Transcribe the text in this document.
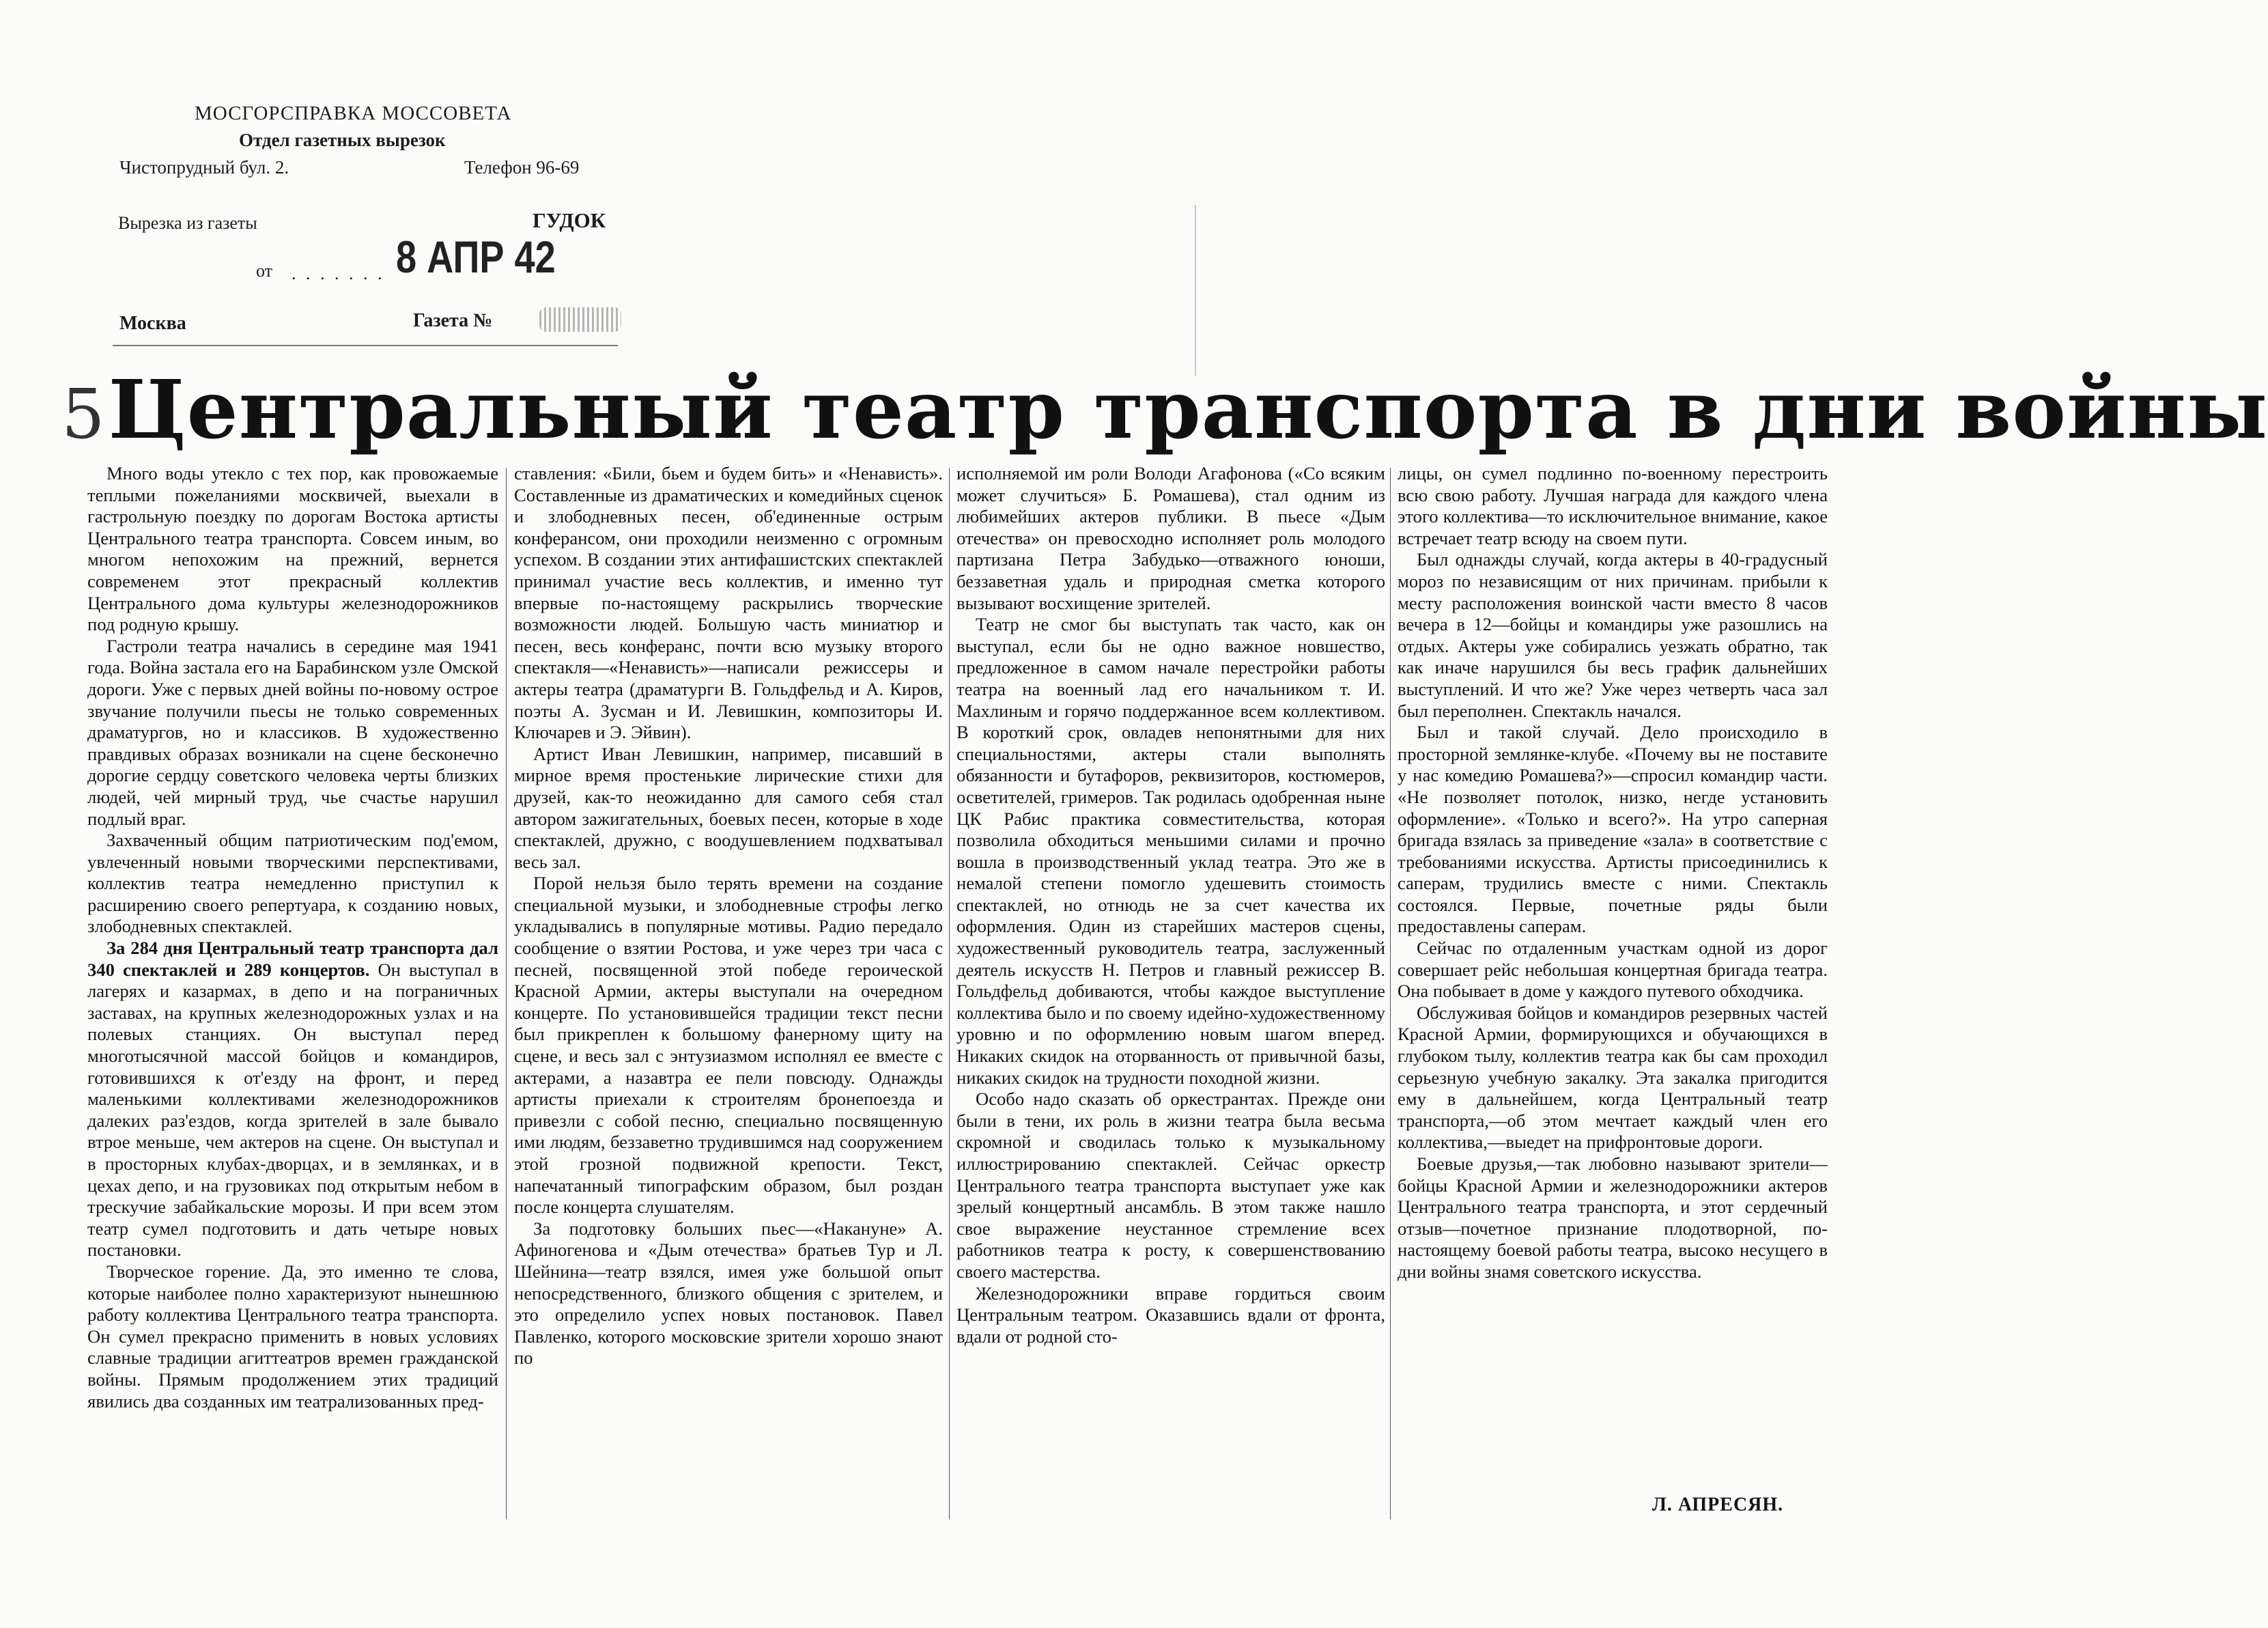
МОСГОРСПРАВКА МОССОВЕТА
Отдел газетных вырезок
Чистопрудный бул. 2.	Телефон 96-69
Вырезка из газеты	ГУДОК
от . . . . . . . 8 АПР 42
Москва	Газета №
5Центральный театр транспорта в дни войны

Много воды утекло с тех пор, как провожаемые теплыми пожеланиями москвичей, выехали в гастрольную поездку по дорогам Востока артисты Центрального театра транспорта. Совсем иным, во многом непохожим на прежний, вернется современем этот прекрасный коллектив Центрального дома культуры железнодорожников под родную крышу.

Гастроли театра начались в середине мая 1941 года. Война застала его на Барабинском узле Омской дороги. Уже с первых дней войны по-новому острое звучание получили пьесы не только современных драматургов, но и классиков. В художественно правдивых образах возникали на сцене бесконечно дорогие сердцу советского человека черты близких людей, чей мирный труд, чье счастье нарушил подлый враг.

Захваченный общим патриотическим под'емом, увлеченный новыми творческими перспективами, коллектив театра немедленно приступил к расширению своего репертуара, к созданию новых, злободневных спектаклей.

За 284 дня Центральный театр транспорта дал 340 спектаклей и 289 концертов. Он выступал в лагерях и казармах, в депо и на пограничных заставах, на крупных железнодорожных узлах и на полевых станциях. Он выступал перед многотысячной массой бойцов и командиров, готовившихся к от'езду на фронт, и перед маленькими коллективами железнодорожников далеких раз'ездов, когда зрителей в зале бывало втрое меньше, чем актеров на сцене. Он выступал и в просторных клубах-дворцах, и в землянках, и в цехах депо, и на грузовиках под открытым небом в трескучие забайкальские морозы. И при всем этом театр сумел подготовить и дать четыре новых постановки.

Творческое горение. Да, это именно те слова, которые наиболее полно характеризуют нынешнюю работу коллектива Центрального театра транспорта. Он сумел прекрасно применить в новых условиях славные традиции агиттеатров времен гражданской войны. Прямым продолжением этих традиций явились два созданных им театрализованных пред-

ставления: «Били, бьем и будем бить» и «Ненависть». Составленные из драматических и комедийных сценок и злободневных песен, об'единенные острым конферансом, они проходили неизменно с огромным успехом. В создании этих антифашистских спектаклей принимал участие весь коллектив, и именно тут впервые по-настоящему раскрылись творческие возможности людей. Большую часть миниатюр и песен, весь конферанс, почти всю музыку второго спектакля—«Ненависть»—написали режиссеры и актеры театра (драматурги В. Гольдфельд и А. Киров, поэты А. Зусман и И. Левишкин, композиторы И. Ключарев и Э. Эйвин).

Артист Иван Левишкин, например, писавший в мирное время простенькие лирические стихи для друзей, как-то неожиданно для самого себя стал автором зажигательных, боевых песен, которые в ходе спектаклей, дружно, с воодушевлением подхватывал весь зал.

Порой нельзя было терять времени на создание специальной музыки, и злободневные строфы легко укладывались в популярные мотивы. Радио передало сообщение о взятии Ростова, и уже через три часа с песней, посвященной этой победе героической Красной Армии, актеры выступали на очередном концерте. По установившейся традиции текст песни был прикреплен к большому фанерному щиту на сцене, и весь зал с энтузиазмом исполнял ее вместе с актерами, а назавтра ее пели повсюду. Однажды артисты приехали к строителям бронепоезда и привезли с собой песню, специально посвященную ими людям, беззаветно трудившимся над сооружением этой грозной подвижной крепости. Текст, напечатанный типографским образом, был роздан после концерта слушателям.

За подготовку больших пьес—«Накануне» А. Афиногенова и «Дым отечества» братьев Тур и Л. Шейнина—театр взялся, имея уже большой опыт непосредственного, близкого общения с зрителем, и это определило успех новых постановок. Павел Павленко, которого московские зрители хорошо знают по

исполняемой им роли Володи Агафонова («Со всяким может случиться» Б. Ромашева), стал одним из любимейших актеров публики. В пьесе «Дым отечества» он превосходно исполняет роль молодого партизана Петра Забудько—отважного юноши, беззаветная удаль и природная сметка которого вызывают восхищение зрителей.

Театр не смог бы выступать так часто, как он выступал, если бы не одно важное новшество, предложенное в самом начале перестройки работы театра на военный лад его начальником т. И. Махлиным и горячо поддержанное всем коллективом. В короткий срок, овладев непонятными для них специальностями, актеры стали выполнять обязанности и бутафоров, реквизиторов, костюмеров, осветителей, гримеров. Так родилась одобренная ныне ЦК Рабис практика совместительства, которая позволила обходиться меньшими силами и прочно вошла в производственный уклад театра. Это же в немалой степени помогло удешевить стоимость спектаклей, но отнюдь не за счет качества их оформления. Один из старейших мастеров сцены, художественный руководитель театра, заслуженный деятель искусств Н. Петров и главный режиссер В. Гольдфельд добиваются, чтобы каждое выступление коллектива было и по своему идейно-художественному уровню и по оформлению новым шагом вперед. Никаких скидок на оторванность от привычной базы, никаких скидок на трудности походной жизни.

Особо надо сказать об оркестрантах. Прежде они были в тени, их роль в жизни театра была весьма скромной и сводилась только к музыкальному иллюстрированию спектаклей. Сейчас оркестр Центрального театра транспорта выступает уже как зрелый концертный ансамбль. В этом также нашло свое выражение неустанное стремление всех работников театра к росту, к совершенствованию своего мастерства.

Железнодорожники вправе гордиться своим Центральным театром. Оказавшись вдали от фронта, вдали от родной сто-

лицы, он сумел подлинно по-военному перестроить всю свою работу. Лучшая награда для каждого члена этого коллектива—то исключительное внимание, какое встречает театр всюду на своем пути.

Был однажды случай, когда актеры в 40-градусный мороз по независящим от них причинам. прибыли к месту расположения воинской части вместо 8 часов вечера в 12—бойцы и командиры уже разошлись на отдых. Актеры уже собирались уезжать обратно, так как иначе нарушился бы весь график дальнейших выступлений. И что же? Уже через четверть часа зал был переполнен. Спектакль начался.

Был и такой случай. Дело происходило в просторной землянке-клубе. «Почему вы не поставите у нас комедию Ромашева?»—спросил командир части. «Не позволяет потолок, низко, негде установить оформление». «Только и всего?». На утро саперная бригада взялась за приведение «зала» в соответствие с требованиями искусства. Артисты присоединились к саперам, трудились вместе с ними. Спектакль состоялся. Первые, почетные ряды были предоставлены саперам.

Сейчас по отдаленным участкам одной из дорог совершает рейс небольшая концертная бригада театра. Она побывает в доме у каждого путевого обходчика.

Обслуживая бойцов и командиров резервных частей Красной Армии, формирующихся и обучающихся в глубоком тылу, коллектив театра как бы сам проходил серьезную учебную закалку. Эта закалка пригодится ему в дальнейшем, когда Центральный театр транспорта,—об этом мечтает каждый член его коллектива,—выедет на прифронтовые дороги.

Боевые друзья,—так любовно называют зрители—бойцы Красной Армии и железнодорожники актеров Центрального театра транспорта, и этот сердечный отзыв—почетное признание плодотворной, по-настоящему боевой работы театра, высоко несущего в дни войны знамя советского искусства.

Л. АПРЕСЯН.
